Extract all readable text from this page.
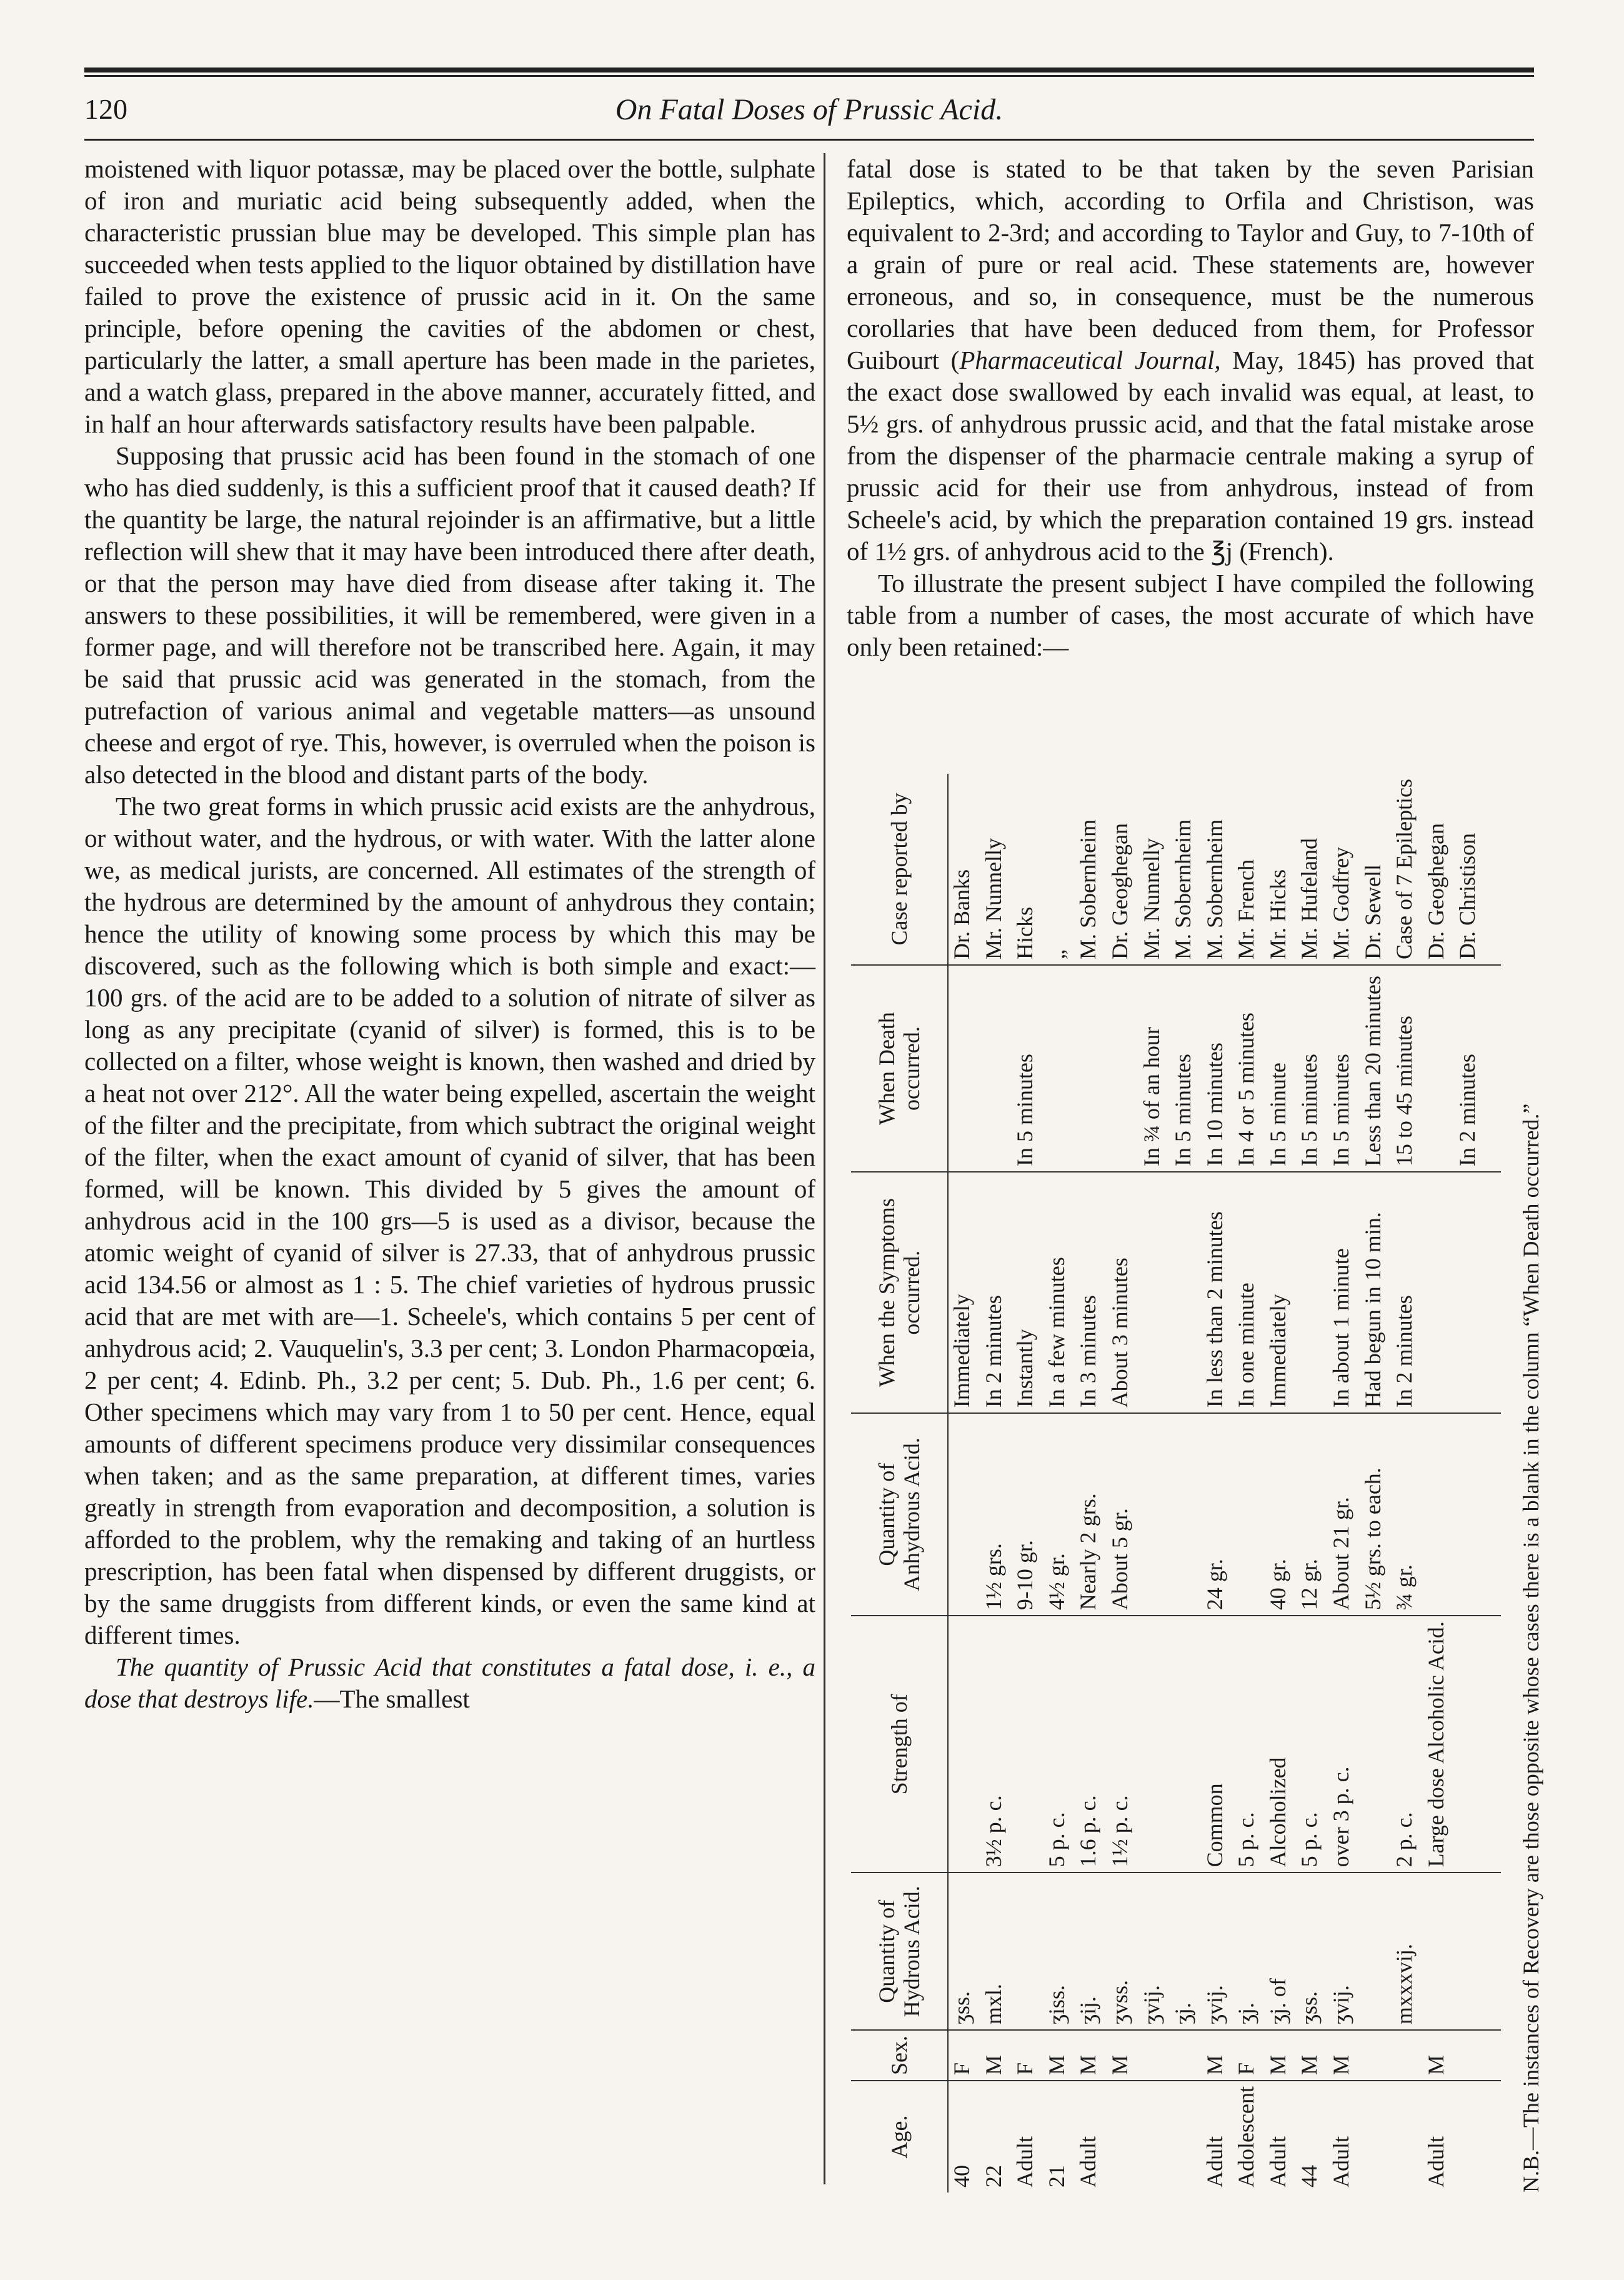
120	On Fatal Doses of Prussic Acid.

moistened with liquor potassæ, may be placed over the bottle, sulphate of iron and muriatic acid being subsequently added, when the characteristic prussian blue may be developed. This simple plan has succeeded when tests applied to the liquor obtained by distillation have failed to prove the existence of prussic acid in it. On the same principle, before opening the cavities of the abdomen or chest, particularly the latter, a small aperture has been made in the parietes, and a watch glass, prepared in the above manner, accurately fitted, and in half an hour afterwards satisfactory results have been palpable.

Supposing that prussic acid has been found in the stomach of one who has died suddenly, is this a sufficient proof that it caused death? If the quantity be large, the natural rejoinder is an affirmative, but a little reflection will shew that it may have been introduced there after death, or that the person may have died from disease after taking it. The answers to these possibilities, it will be remembered, were given in a former page, and will therefore not be transcribed here. Again, it may be said that prussic acid was generated in the stomach, from the putrefaction of various animal and vegetable matters—as unsound cheese and ergot of rye. This, however, is overruled when the poison is also detected in the blood and distant parts of the body.

The two great forms in which prussic acid exists are the anhydrous, or without water, and the hydrous, or with water. With the latter alone we, as medical jurists, are concerned. All estimates of the strength of the hydrous are determined by the amount of anhydrous they contain; hence the utility of knowing some process by which this may be discovered, such as the following which is both simple and exact:—100 grs. of the acid are to be added to a solution of nitrate of silver as long as any precipitate (cyanid of silver) is formed, this is to be collected on a filter, whose weight is known, then washed and dried by a heat not over 212°. All the water being expelled, ascertain the weight of the filter and the precipitate, from which subtract the original weight of the filter, when the exact amount of cyanid of silver, that has been formed, will be known. This divided by 5 gives the amount of anhydrous acid in the 100 grs—5 is used as a divisor, because the atomic weight of cyanid of silver is 27.33, that of anhydrous prussic acid 134.56 or almost as 1 : 5. The chief varieties of hydrous prussic acid that are met with are—1. Scheele's, which contains 5 per cent of anhydrous acid; 2. Vauquelin's, 3.3 per cent; 3. London Pharmacopœia, 2 per cent; 4. Edinb. Ph., 3.2 per cent; 5. Dub. Ph., 1.6 per cent; 6. Other specimens which may vary from 1 to 50 per cent. Hence, equal amounts of different specimens produce very dissimilar consequences when taken; and as the same preparation, at different times, varies greatly in strength from evaporation and decomposition, a solution is afforded to the problem, why the remaking and taking of an hurtless prescription, has been fatal when dispensed by different druggists, or by the same druggists from different kinds, or even the same kind at different times.

The quantity of Prussic Acid that constitutes a fatal dose, i. e., a dose that destroys life.—The smallest

fatal dose is stated to be that taken by the seven Parisian Epileptics, which, according to Orfila and Christison, was equivalent to 2-3rd; and according to Taylor and Guy, to 7-10th of a grain of pure or real acid. These statements are, however erroneous, and so, in consequence, must be the numerous corollaries that have been deduced from them, for Professor Guibourt (Pharmaceutical Journal, May, 1845) has proved that the exact dose swallowed by each invalid was equal, at least, to 5½ grs. of anhydrous prussic acid, and that the fatal mistake arose from the dispenser of the pharmacie centrale making a syrup of prussic acid for their use from anhydrous, instead of from Scheele's acid, by which the preparation contained 19 grs. instead of 1½ grs. of anhydrous acid to the ℥j (French).

To illustrate the present subject I have compiled the following table from a number of cases, the most accurate of which have only been retained:—

Age.	Sex.	Quantity of Hydrous Acid.	Strength of	Quantity of Anhydrous Acid.	When the Symptoms occurred.	When Death occurred.	Case reported by
40	F	ʒss.			Immediately		Dr. Banks
22	M	mxl.	3½ p. c.	1½ grs.	In 2 minutes		Mr. Nunnelly
Adult	F			9-10 gr.	Instantly	In 5 minutes	Hicks
21	M	ʒiss.	5 p. c.	4½ gr.	In a few minutes		„
Adult	M	ʒij.	1.6 p. c.	Nearly 2 grs.	In 3 minutes		M. Sobernheim
	M	ʒvss.	1½ p. c.	About 5 gr.	About 3 minutes		Dr. Geoghegan
		ʒvij.				In ¾ of an hour	Mr. Nunnelly
		ʒj.				In 5 minutes	M. Sobernheim
Adult	M	ʒvij.	Common	24 gr.	In less than 2 minutes	In 10 minutes	M. Sobernheim
Adolescent	F	ʒj.	5 p. c.		In one minute	In 4 or 5 minutes	Mr. French
Adult	M	ʒj. of	Alcoholized	40 gr.	Immediately	In 5 minute	Mr. Hicks
44	M	ʒss.	5 p. c.	12 gr.		In 5 minutes	Mr. Hufeland
Adult	M	ʒvij.	over 3 p. c.	About 21 gr.	In about 1 minute	In 5 minutes	Mr. Godfrey
				5½ grs. to each.	Had begun in 10 min.	Less than 20 minutes	Dr. Sewell
		mxxxvij.	2 p. c.	¾ gr.	In 2 minutes	15 to 45 minutes	Case of 7 Epileptics
Adult	M		Large dose Alcoholic Acid.				Dr. Geoghegan
						In 2 minutes	Dr. Christison

N.B.—The instances of Recovery are those opposite whose cases there is a blank in the column “When Death occurred.”
